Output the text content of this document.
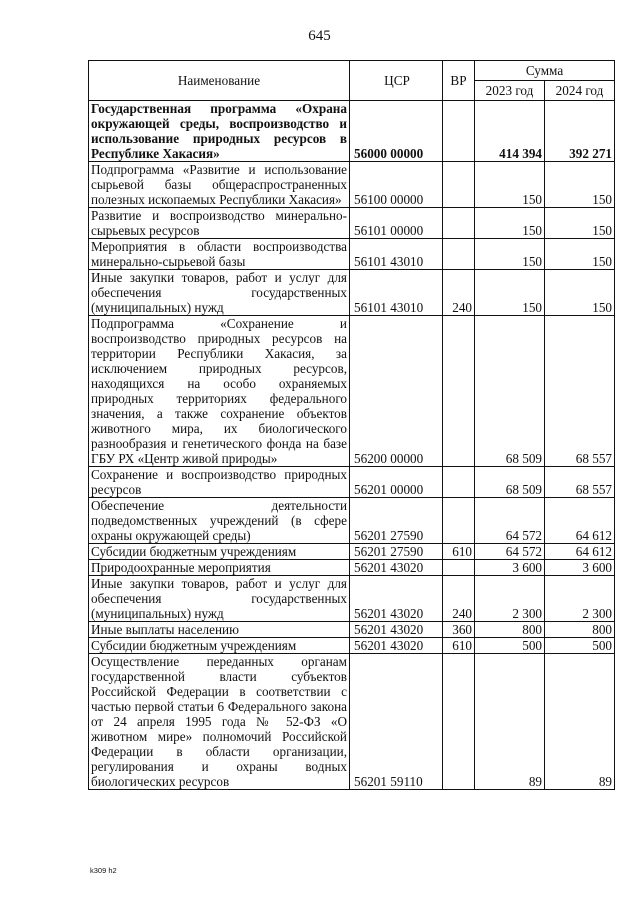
645
Наименование	ЦСР	ВР	Сумма	
			2023 год	2024 год
Государственная программа «Охрана окружающей среды, воспроизводство и использование природных ресурсов в Республике Хакасия»	56000 00000		414 394	392 271
Подпрограмма «Развитие и использование сырьевой базы общераспространенных полезных ископаемых Республики Хакасия»	56100 00000		150	150
Развитие и воспроизводство минерально-сырьевых ресурсов	56101 00000		150	150
Мероприятия в области воспроизводства минерально-сырьевой базы	56101 43010		150	150
Иные закупки товаров, работ и услуг для обеспечения государственных (муниципальных) нужд	56101 43010	240	150	150
Подпрограмма «Сохранение и воспроизводство природных ресурсов на территории Республики Хакасия, за исключением природных ресурсов, находящихся на особо охраняемых природных территориях федерального значения, а также сохранение объектов животного мира, их биологического разнообразия и генетического фонда на базе ГБУ РХ «Центр живой природы»	56200 00000		68 509	68 557
Сохранение и воспроизводство природных ресурсов	56201 00000		68 509	68 557
Обеспечение деятельности подведомственных учреждений (в сфере охраны окружающей среды)	56201 27590		64 572	64 612
Субсидии бюджетным учреждениям	56201 27590	610	64 572	64 612
Природоохранные мероприятия	56201 43020		3 600	3 600
Иные закупки товаров, работ и услуг для обеспечения государственных (муниципальных) нужд	56201 43020	240	2 300	2 300
Иные выплаты населению	56201 43020	360	800	800
Субсидии бюджетным учреждениям	56201 43020	610	500	500
Осуществление переданных органам государственной власти субъектов Российской Федерации в соответствии с частью первой статьи 6 Федерального закона от 24 апреля 1995 года № 52-ФЗ «О животном мире» полномочий Российской Федерации в области организации, регулирования и охраны водных биологических ресурсов	56201 59110		89	89
k309 h2
